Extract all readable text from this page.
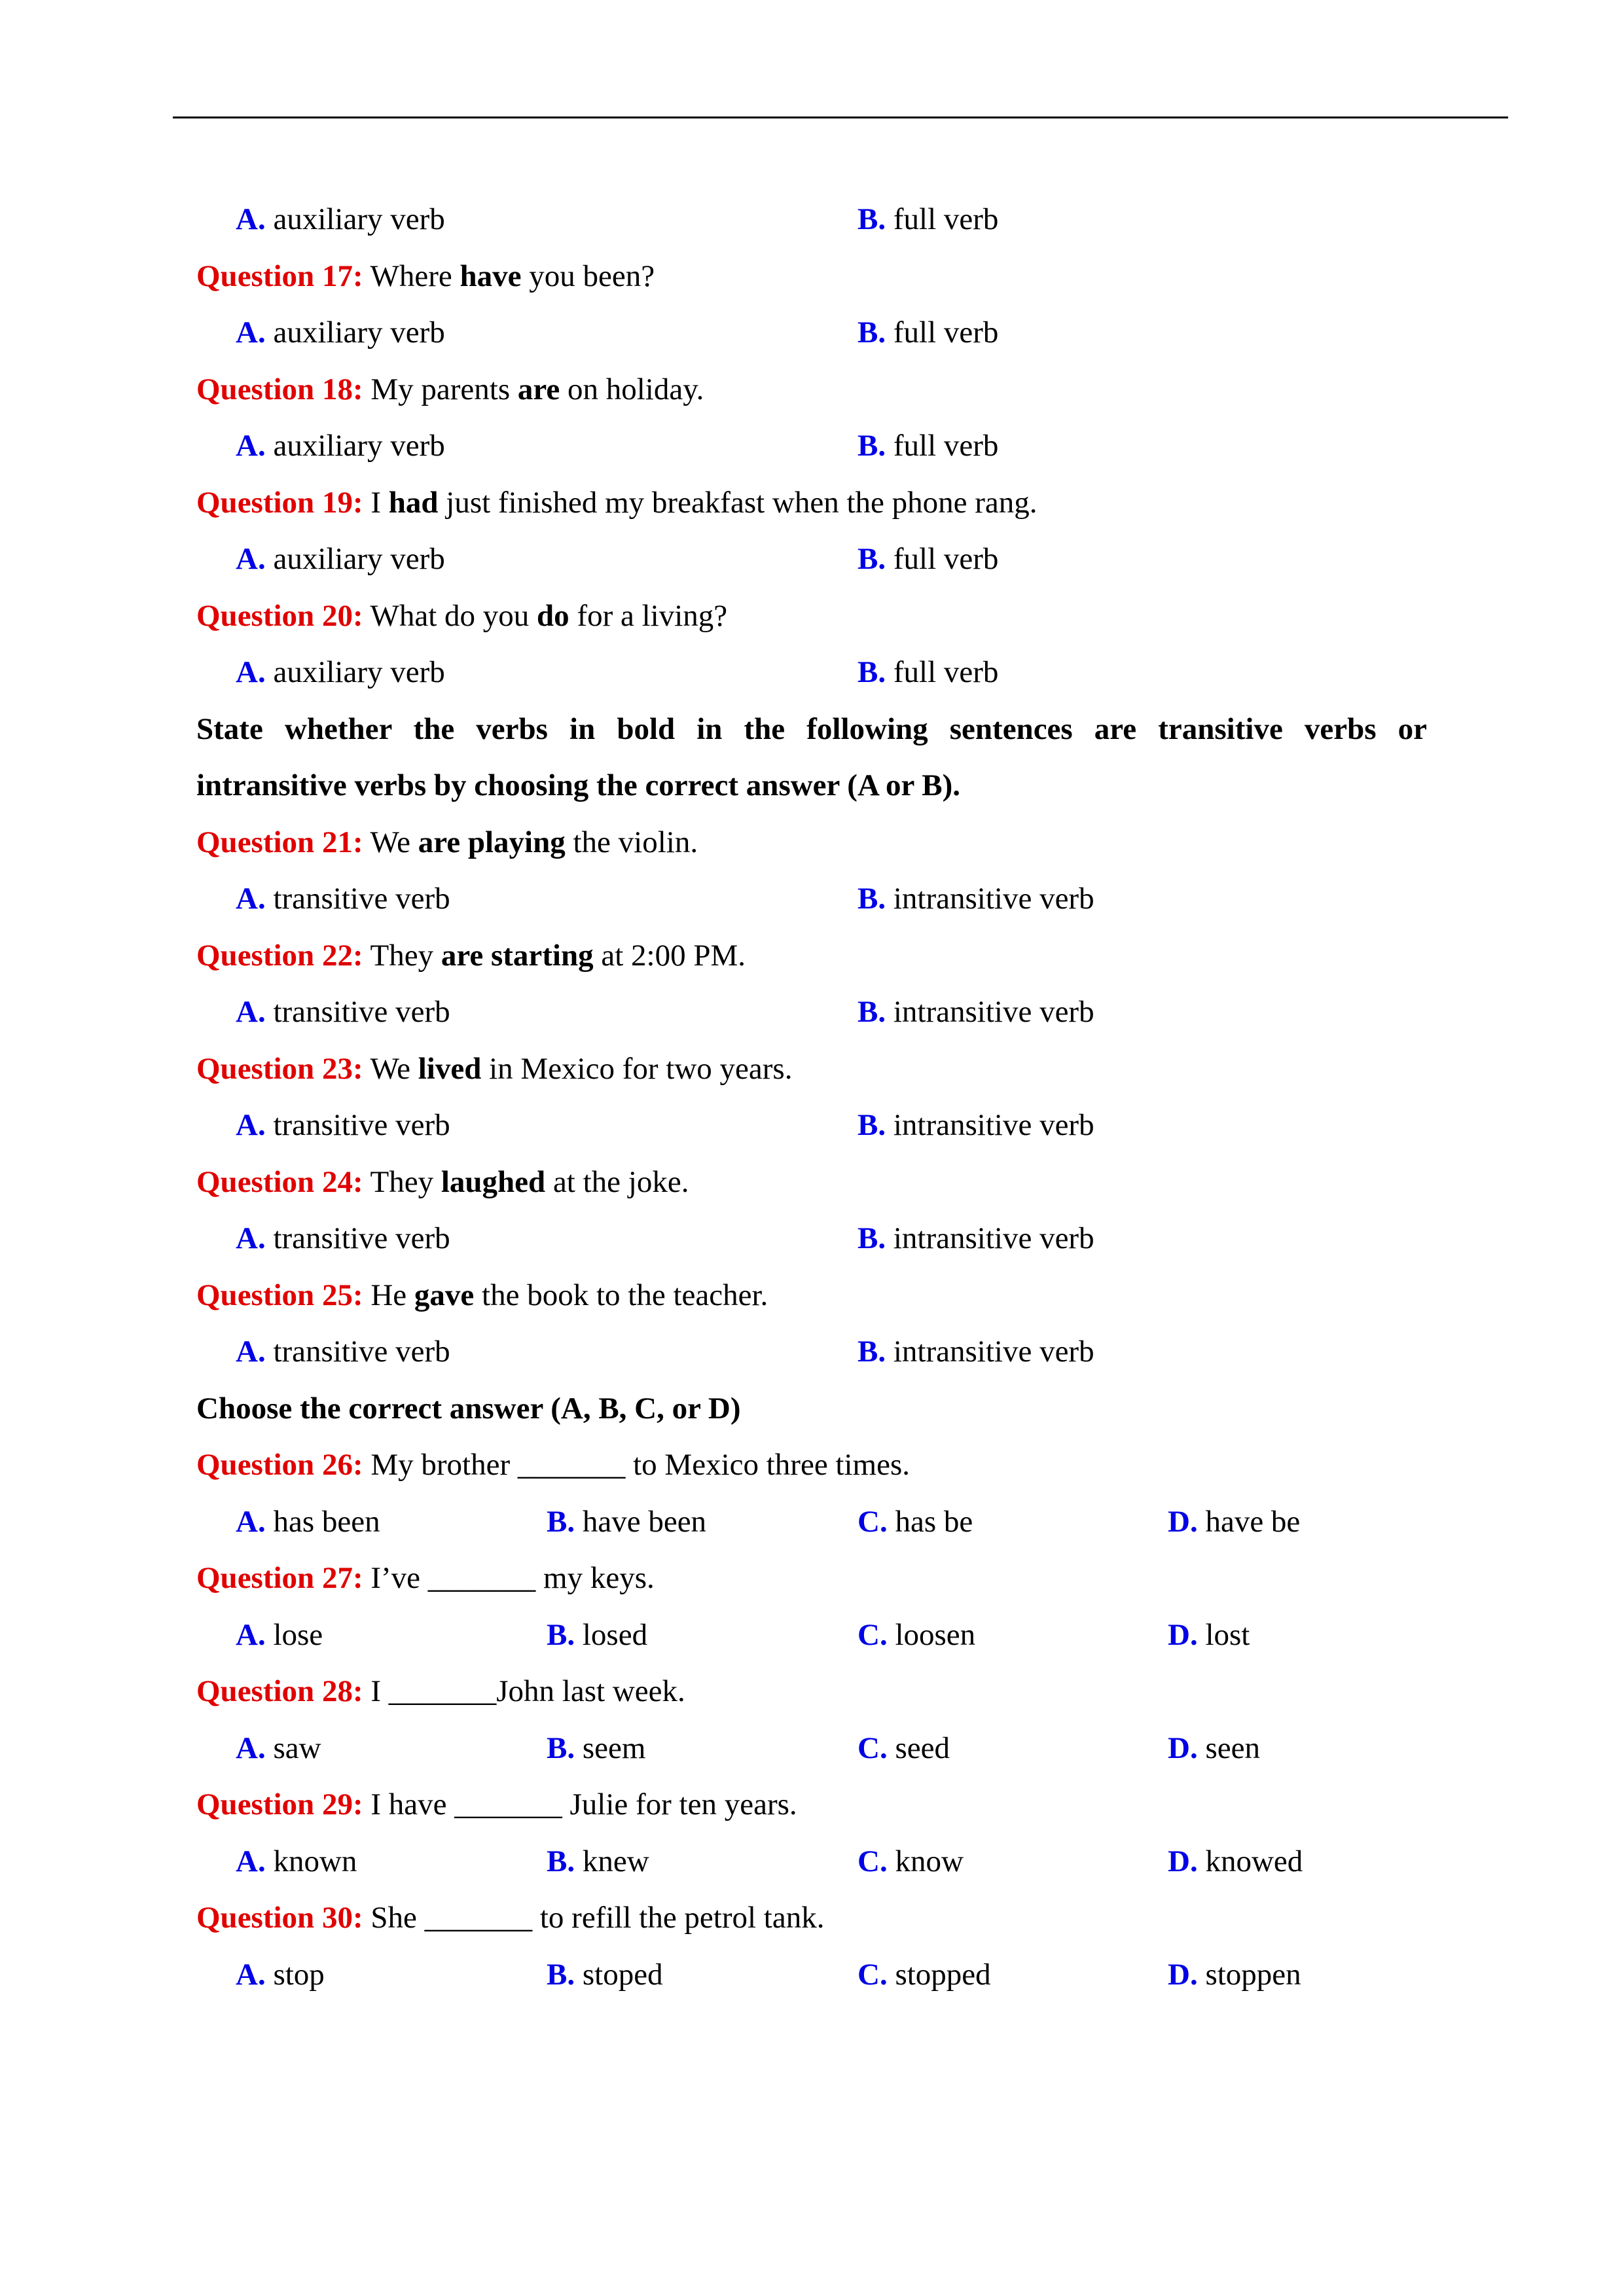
A. auxiliary verb	B. full verb
Question 17: Where have you been?
A. auxiliary verb	B. full verb
Question 18: My parents are on holiday.
A. auxiliary verb	B. full verb
Question 19: I had just finished my breakfast when the phone rang.
A. auxiliary verb	B. full verb
Question 20: What do you do for a living?
A. auxiliary verb	B. full verb
State whether the verbs in bold in the following sentences are transitive verbs or
intransitive verbs by choosing the correct answer (A or B).
Question 21: We are playing the violin.
A. transitive verb	B. intransitive verb
Question 22: They are starting at 2:00 PM.
A. transitive verb	B. intransitive verb
Question 23: We lived in Mexico for two years.
A. transitive verb	B. intransitive verb
Question 24: They laughed at the joke.
A. transitive verb	B. intransitive verb
Question 25: He gave the book to the teacher.
A. transitive verb	B. intransitive verb
Choose the correct answer (A, B, C, or D)
Question 26: My brother _______ to Mexico three times.
A. has been	B. have been	C. has be	D. have be
Question 27: I’ve _______ my keys.
A. lose	B. losed	C. loosen	D. lost
Question 28: I _______John last week.
A. saw	B. seem	C. seed	D. seen
Question 29: I have _______ Julie for ten years.
A. known	B. knew	C. know	D. knowed
Question 30: She _______ to refill the petrol tank.
A. stop	B. stoped	C. stopped	D. stoppen
